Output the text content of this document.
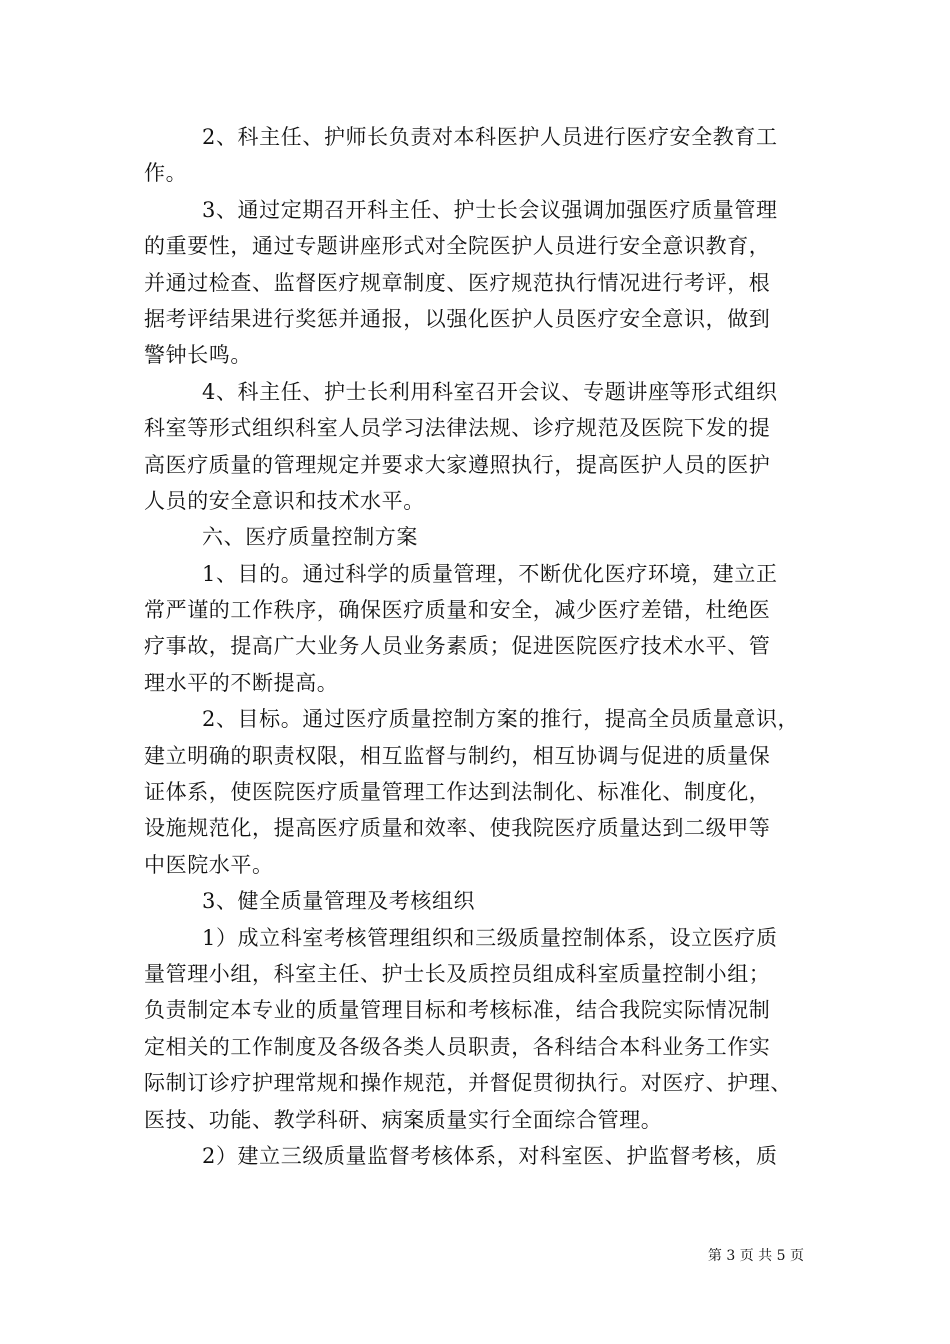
2、科主任、护师长负责对本科医护人员进行医疗安全教育工
作。
3、通过定期召开科主任、护士长会议强调加强医疗质量管理
的重要性，通过专题讲座形式对全院医护人员进行安全意识教育，
并通过检查、监督医疗规章制度、医疗规范执行情况进行考评，根
据考评结果进行奖惩并通报，以强化医护人员医疗安全意识，做到
警钟长鸣。
4、科主任、护士长利用科室召开会议、专题讲座等形式组织
科室等形式组织科室人员学习法律法规、诊疗规范及医院下发的提
高医疗质量的管理规定并要求大家遵照执行，提高医护人员的医护
人员的安全意识和技术水平。
六、医疗质量控制方案
1、目的。通过科学的质量管理，不断优化医疗环境，建立正
常严谨的工作秩序，确保医疗质量和安全，减少医疗差错，杜绝医
疗事故，提高广大业务人员业务素质；促进医院医疗技术水平、管
理水平的不断提高。
2、目标。通过医疗质量控制方案的推行，提高全员质量意识，
建立明确的职责权限，相互监督与制约，相互协调与促进的质量保
证体系，使医院医疗质量管理工作达到法制化、标准化、制度化，
设施规范化，提高医疗质量和效率、使我院医疗质量达到二级甲等
中医院水平。
3、健全质量管理及考核组织
1）成立科室考核管理组织和三级质量控制体系，设立医疗质
量管理小组，科室主任、护士长及质控员组成科室质量控制小组；
负责制定本专业的质量管理目标和考核标准，结合我院实际情况制
定相关的工作制度及各级各类人员职责，各科结合本科业务工作实
际制订诊疗护理常规和操作规范，并督促贯彻执行。对医疗、护理、
医技、功能、教学科研、病案质量实行全面综合管理。
2）建立三级质量监督考核体系，对科室医、护监督考核，质
第 3 页 共 5 页
